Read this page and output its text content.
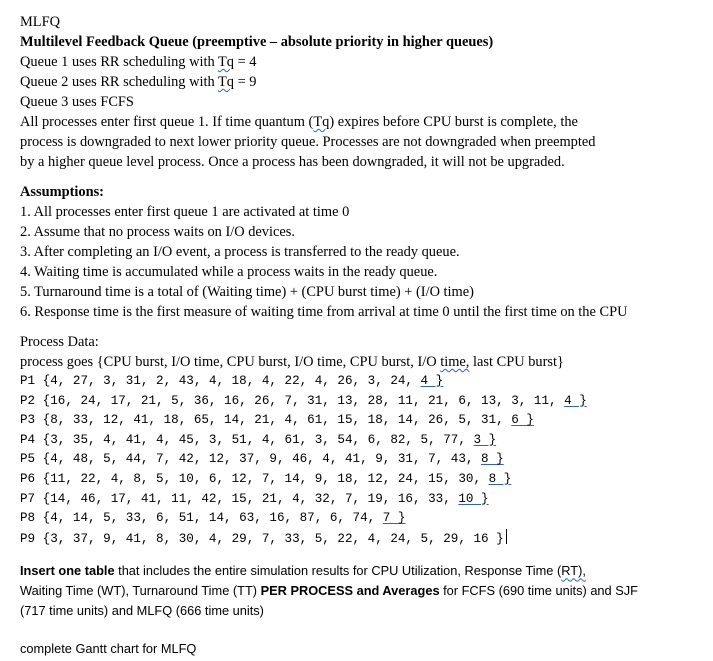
MLFQ
Multilevel Feedback Queue (preemptive – absolute priority in higher queues)
Queue 1 uses RR scheduling with Tq = 4
Queue 2 uses RR scheduling with Tq = 9
Queue 3 uses FCFS
All processes enter first queue 1. If time quantum (Tq) expires before CPU burst is complete, the
process is downgraded to next lower priority queue. Processes are not downgraded when preempted
by a higher queue level process. Once a process has been downgraded, it will not be upgraded.
Assumptions:
1. All processes enter first queue 1 are activated at time 0
2. Assume that no process waits on I/O devices.
3. After completing an I/O event, a process is transferred to the ready queue.
4. Waiting time is accumulated while a process waits in the ready queue.
5. Turnaround time is a total of (Waiting time) + (CPU burst time) + (I/O time)
6. Response time is the first measure of waiting time from arrival at time 0 until the first time on the CPU
Process Data:
process goes {CPU burst, I/O time, CPU burst, I/O time, CPU burst, I/O time, last CPU burst}
P1 {4, 27, 3, 31, 2, 43, 4, 18, 4, 22, 4, 26, 3, 24, 4 }
P2 {16, 24, 17, 21, 5, 36, 16, 26, 7, 31, 13, 28, 11, 21, 6, 13, 3, 11, 4 }
P3 {8, 33, 12, 41, 18, 65, 14, 21, 4, 61, 15, 18, 14, 26, 5, 31, 6 }
P4 {3, 35, 4, 41, 4, 45, 3, 51, 4, 61, 3, 54, 6, 82, 5, 77, 3 }
P5 {4, 48, 5, 44, 7, 42, 12, 37, 9, 46, 4, 41, 9, 31, 7, 43, 8 }
P6 {11, 22, 4, 8, 5, 10, 6, 12, 7, 14, 9, 18, 12, 24, 15, 30, 8 }
P7 {14, 46, 17, 41, 11, 42, 15, 21, 4, 32, 7, 19, 16, 33, 10 }
P8 {4, 14, 5, 33, 6, 51, 14, 63, 16, 87, 6, 74, 7 }
P9 {3, 37, 9, 41, 8, 30, 4, 29, 7, 33, 5, 22, 4, 24, 5, 29, 16 }
Insert one table that includes the entire simulation results for CPU Utilization, Response Time (RT),
Waiting Time (WT), Turnaround Time (TT) PER PROCESS and Averages for FCFS (690 time units) and SJF
(717 time units) and MLFQ (666 time units)
complete Gantt chart for MLFQ
